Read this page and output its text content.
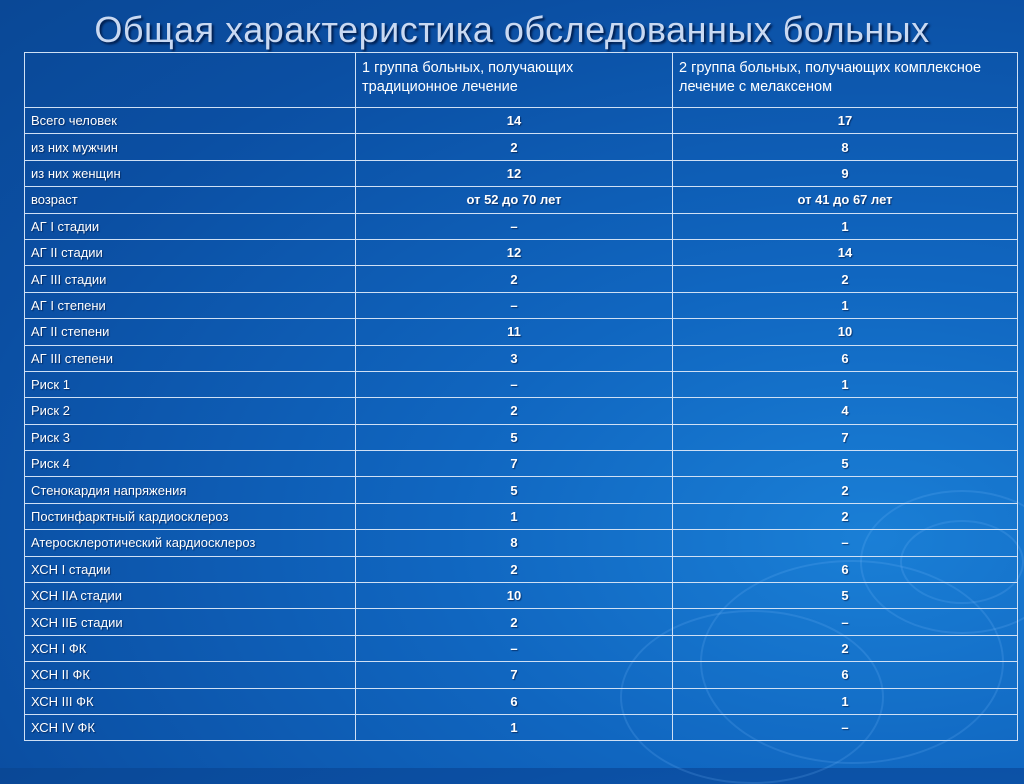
Общая характеристика обследованных больных
	1 группа больных, получающих традиционное лечение	2 группа больных, получающих комплексное лечение с мелаксеном
Всего человек	14	17
из них мужчин	2	8
из них женщин	12	9
возраст	от 52 до 70 лет	от 41 до 67 лет
АГ I стадии	–	1
АГ II стадии	12	14
АГ III стадии	2	2
АГ I степени	–	1
АГ II степени	11	10
АГ III степени	3	6
Риск 1	–	1
Риск 2	2	4
Риск 3	5	7
Риск 4	7	5
Стенокардия напряжения	5	2
Постинфарктный кардиосклероз	1	2
Атеросклеротический кардиосклероз	8	–
ХСН I стадии	2	6
ХСН IIA стадии	10	5
ХСН IIБ стадии	2	–
ХСН I ФК	–	2
ХСН II ФК	7	6
ХСН III ФК	6	1
ХСН IV ФК	1	–
